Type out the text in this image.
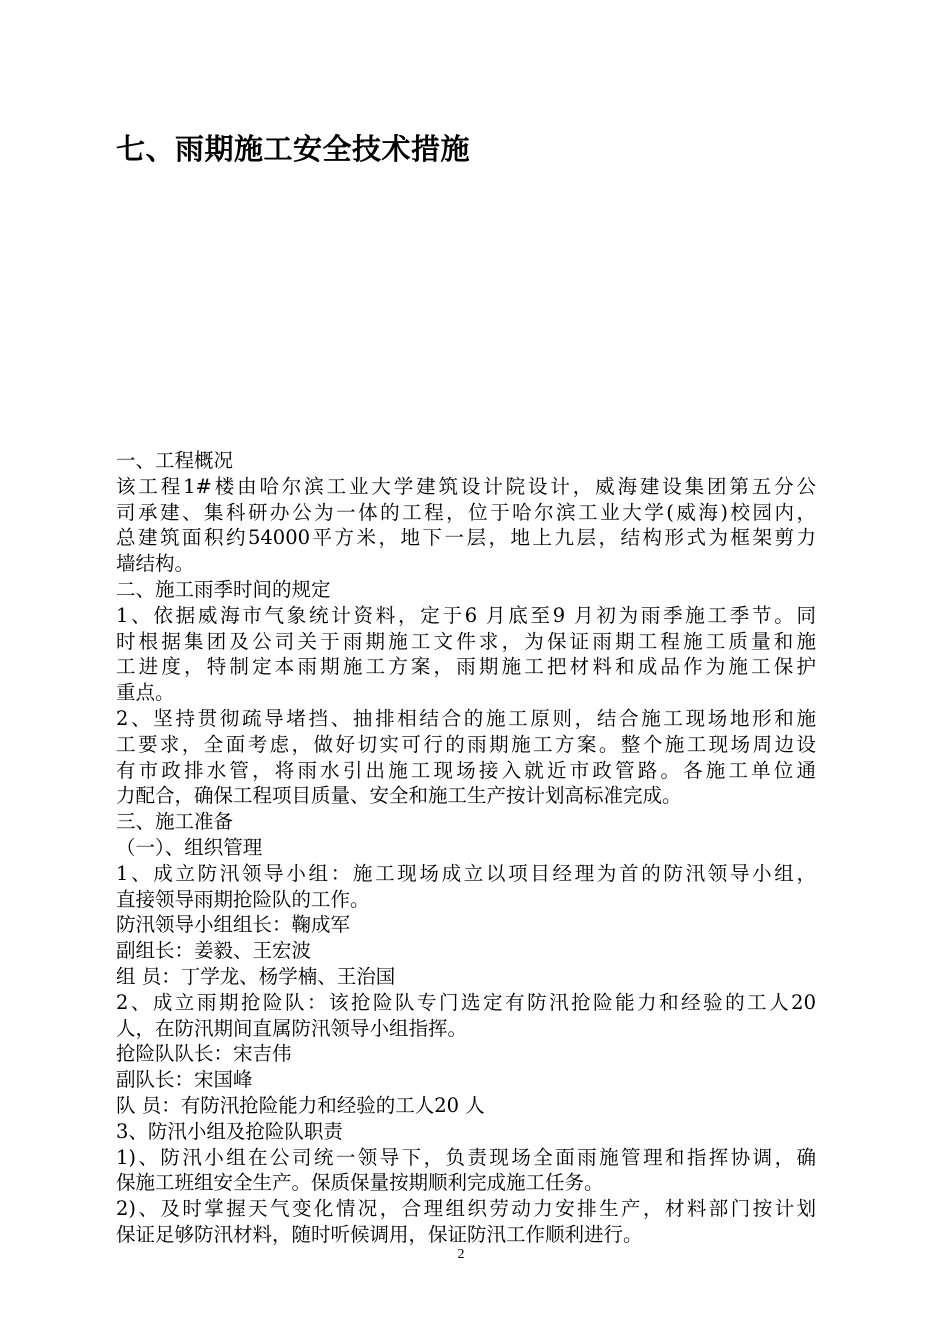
七、雨期施工安全技术措施

一、工程概况

该工程1#楼由哈尔滨工业大学建筑设计院设计，威海建设集团第五分公

司承建、集科研办公为一体的工程，位于哈尔滨工业大学(威海)校园内，

总建筑面积约54000平方米，地下一层，地上九层，结构形式为框架剪力

墙结构。

二、施工雨季时间的规定

1、依据威海市气象统计资料，定于6 月底至9 月初为雨季施工季节。同

时根据集团及公司关于雨期施工文件求，为保证雨期工程施工质量和施

工进度，特制定本雨期施工方案，雨期施工把材料和成品作为施工保护

重点。

2、坚持贯彻疏导堵挡、抽排相结合的施工原则，结合施工现场地形和施

工要求，全面考虑，做好切实可行的雨期施工方案。整个施工现场周边设

有市政排水管，将雨水引出施工现场接入就近市政管路。各施工单位通

力配合，确保工程项目质量、安全和施工生产按计划高标准完成。

三、施工准备

（一）、组织管理

1、成立防汛领导小组：施工现场成立以项目经理为首的防汛领导小组，

直接领导雨期抢险队的工作。

防汛领导小组组长：鞠成军

副组长：姜毅、王宏波

组 员：丁学龙、杨学楠、王治国

2、成立雨期抢险队：该抢险队专门选定有防汛抢险能力和经验的工人20

人，在防汛期间直属防汛领导小组指挥。

抢险队队长：宋吉伟

副队长：宋国峰

队 员：有防汛抢险能力和经验的工人20 人

3、防汛小组及抢险队职责

1)、防汛小组在公司统一领导下，负责现场全面雨施管理和指挥协调，确

保施工班组安全生产。保质保量按期顺利完成施工任务。

2)、及时掌握天气变化情况，合理组织劳动力安排生产，材料部门按计划

保证足够防汛材料，随时听候调用，保证防汛工作顺利进行。

2
